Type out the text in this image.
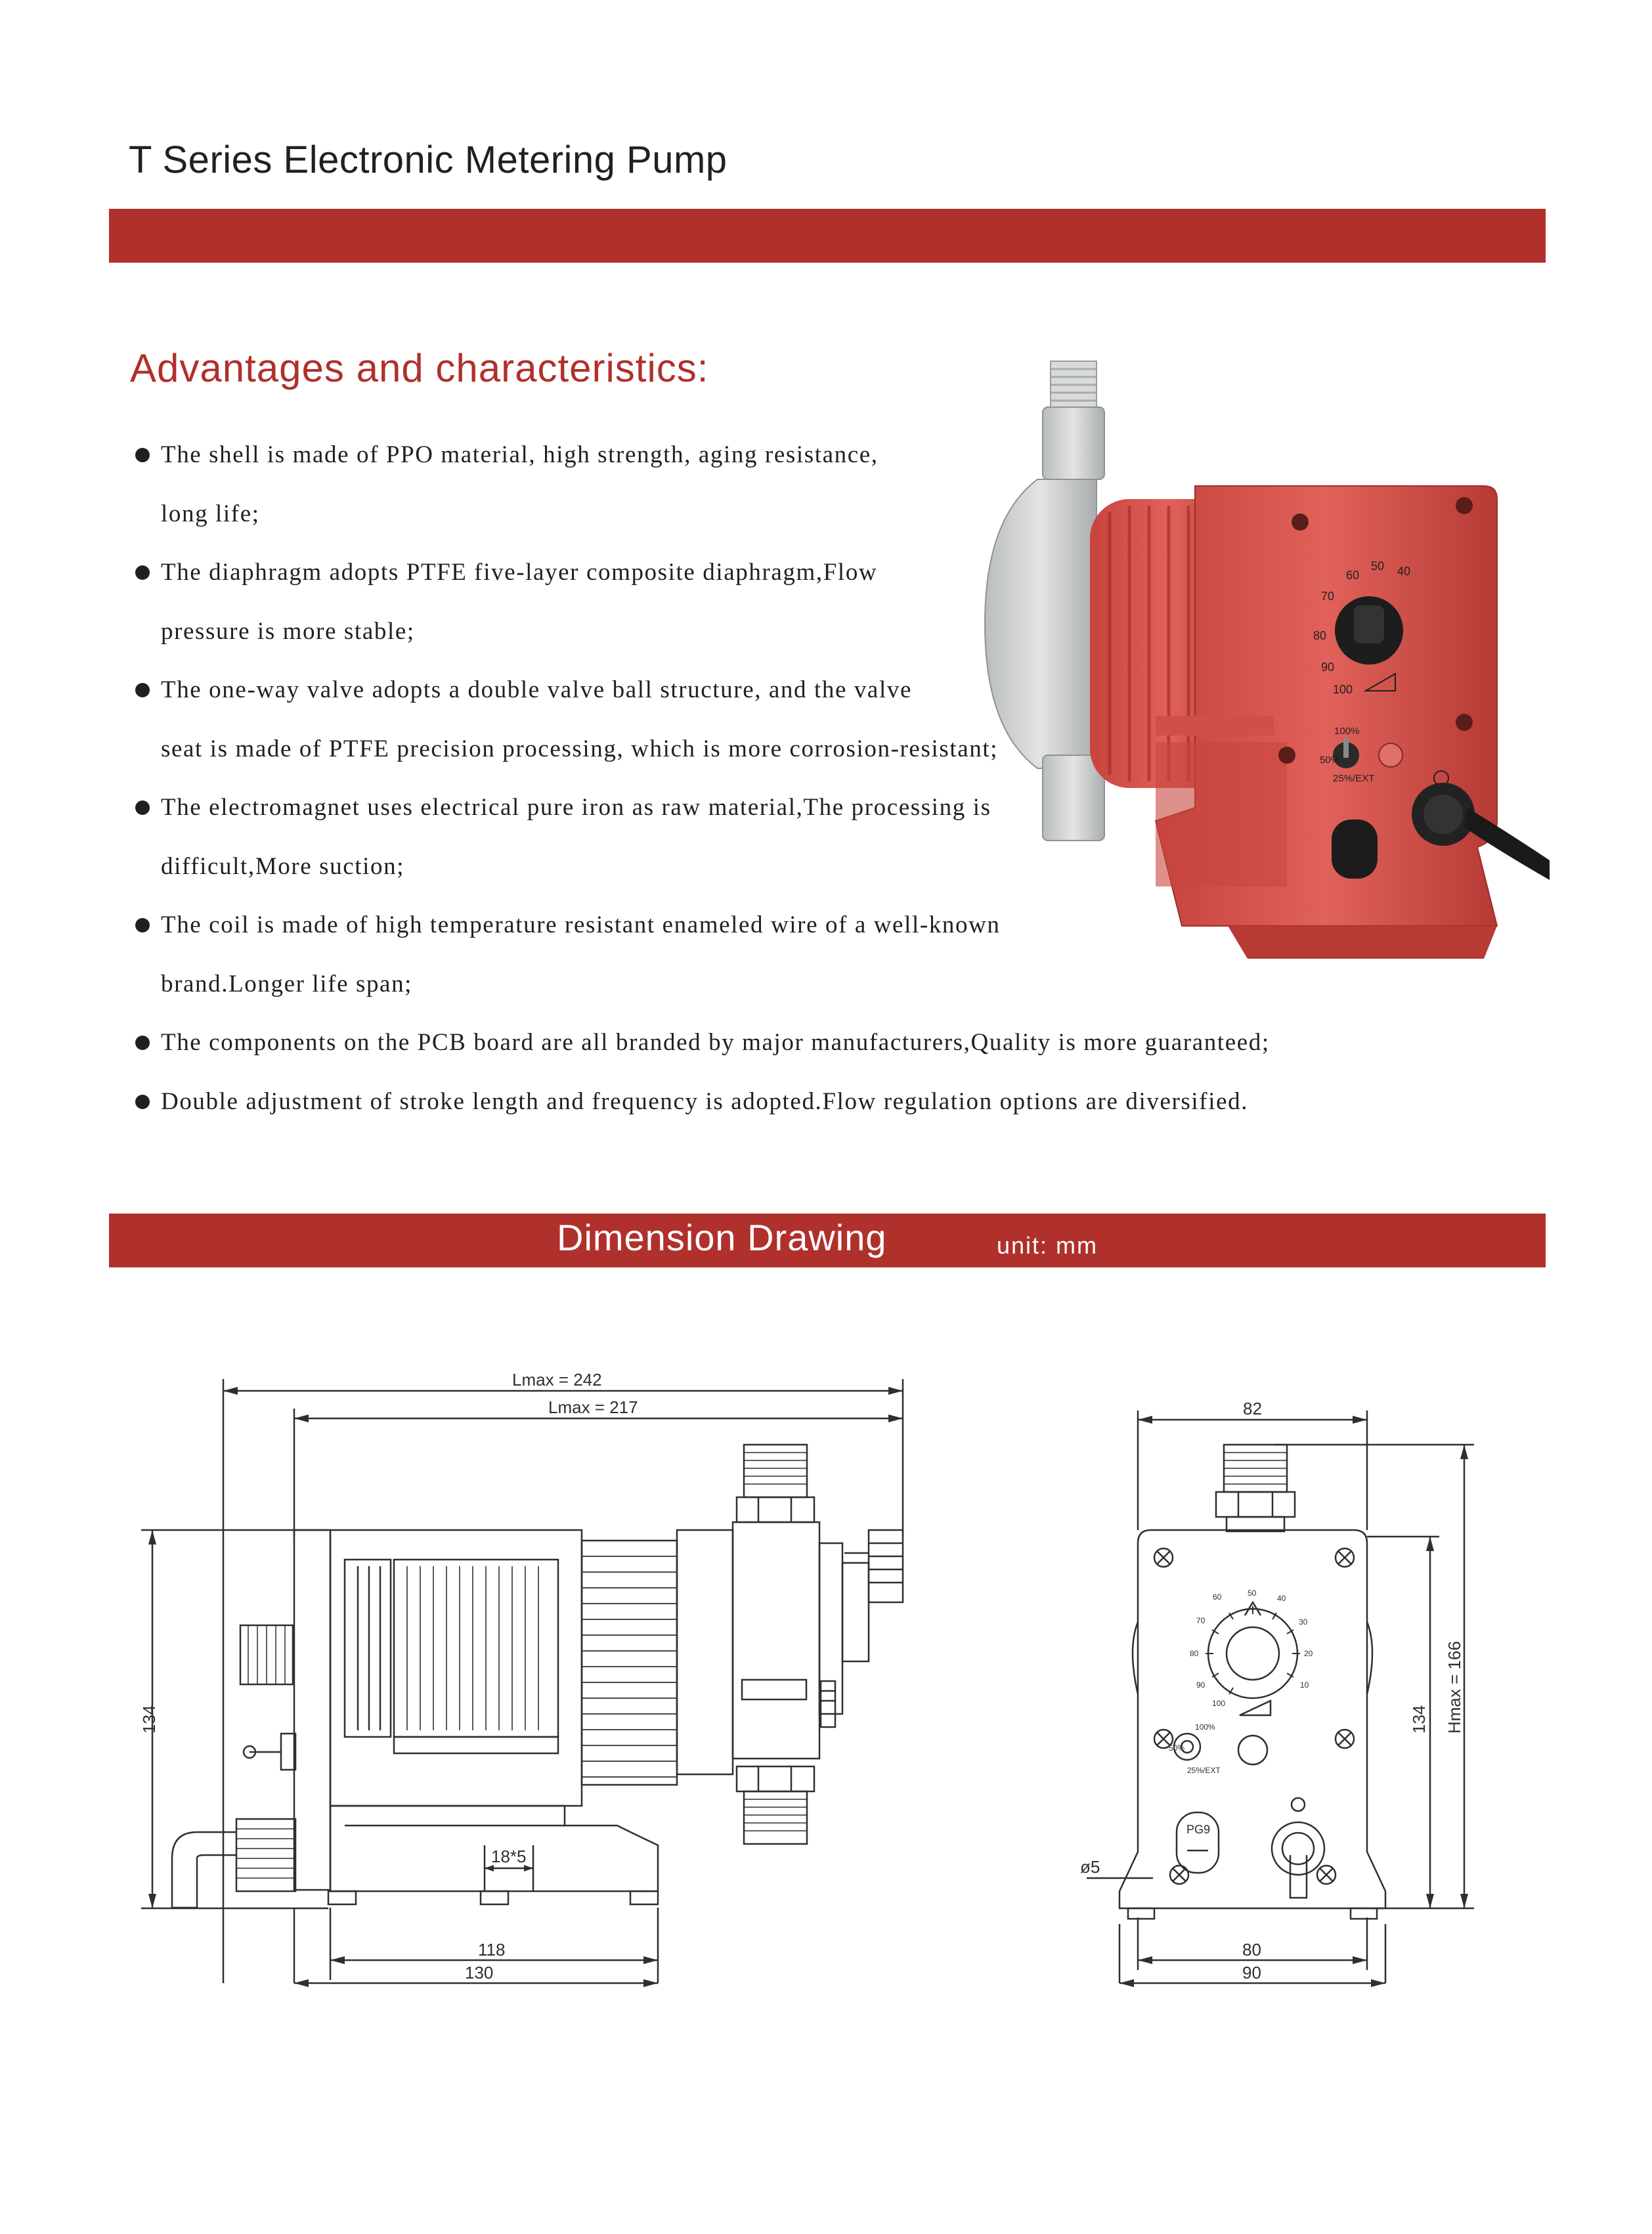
T Series Electronic Metering Pump
Advantages and characteristics:
The shell is made of PPO material, high strength, aging resistance,
long life;
The diaphragm adopts PTFE five-layer composite diaphragm,Flow
pressure is more stable;
The one-way valve adopts a double valve ball structure, and the valve
seat is made of PTFE precision processing, which is more corrosion-resistant;
The electromagnet uses electrical pure iron as raw material,The processing is
difficult,More suction;
The coil is made of high temperature resistant enameled wire of a well-known
brand.Longer life span;
The components on the PCB board are all branded by major manufacturers,Quality is more guaranteed;
Double adjustment of stroke length and frequency is adopted.Flow regulation options are diversified.
60
50 40
70
80
90
100
100%
50%
25%/EXT
Dimension Drawing	unit: mm
Lmax = 242
Lmax = 217
134
18*5
118
130
82
134 Hmax = 166
ø5
80
90
PG9
60	50
40
70	30
80	20
90	10
100
100%
50%
25%/EXT
